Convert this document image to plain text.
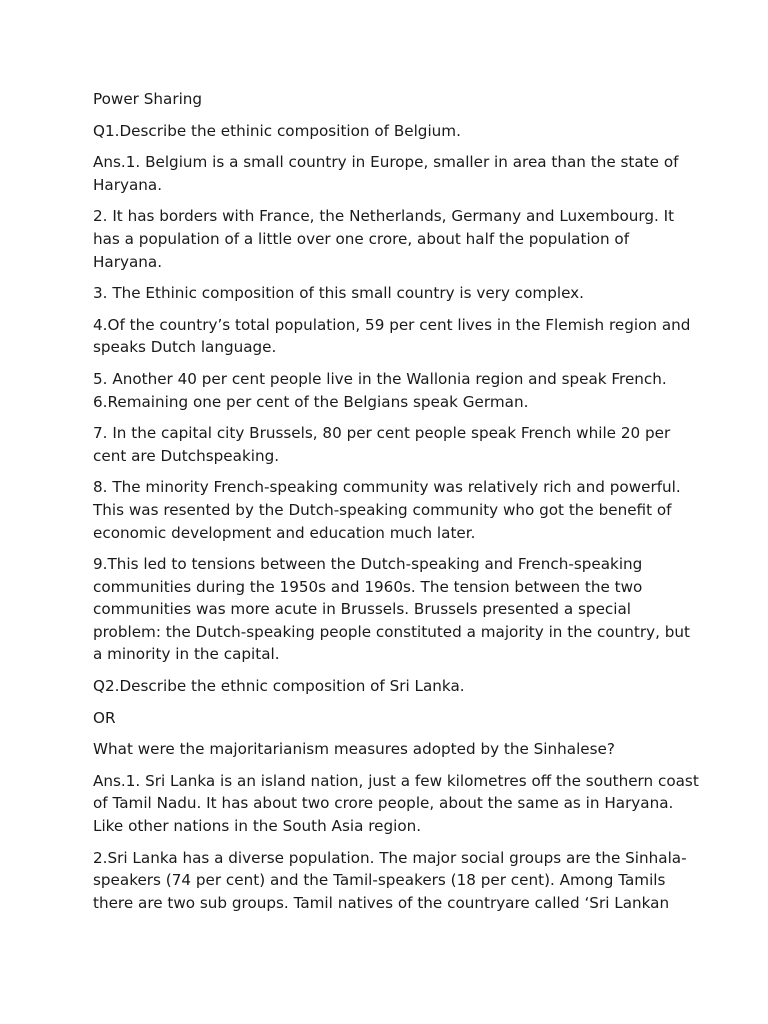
Power Sharing

Q1.Describe the ethinic composition of Belgium.

Ans.1. Belgium is a small country in Europe, smaller in area than the state of
Haryana.

2. It has borders with France, the Netherlands, Germany and Luxembourg. It
has a population of a little over one crore, about half the population of
Haryana.

3. The Ethinic composition of this small country is very complex.

4.Of the country’s total population, 59 per cent lives in the Flemish region and
speaks Dutch language.

5. Another 40 per cent people live in the Wallonia region and speak French.
6.Remaining one per cent of the Belgians speak German.

7. In the capital city Brussels, 80 per cent people speak French while 20 per
cent are Dutchspeaking.

8. The minority French-speaking community was relatively rich and powerful.
This was resented by the Dutch-speaking community who got the benefit of
economic development and education much later.

9.This led to tensions between the Dutch-speaking and French-speaking
communities during the 1950s and 1960s. The tension between the two
communities was more acute in Brussels. Brussels presented a special
problem: the Dutch-speaking people constituted a majority in the country, but
a minority in the capital.

Q2.Describe the ethnic composition of Sri Lanka.

OR

What were the majoritarianism measures adopted by the Sinhalese?

Ans.1. Sri Lanka is an island nation, just a few kilometres off the southern coast
of Tamil Nadu. It has about two crore people, about the same as in Haryana.
Like other nations in the South Asia region.

2.Sri Lanka has a diverse population. The major social groups are the Sinhala-
speakers (74 per cent) and the Tamil-speakers (18 per cent). Among Tamils
there are two sub groups. Tamil natives of the countryare called ‘Sri Lankan
